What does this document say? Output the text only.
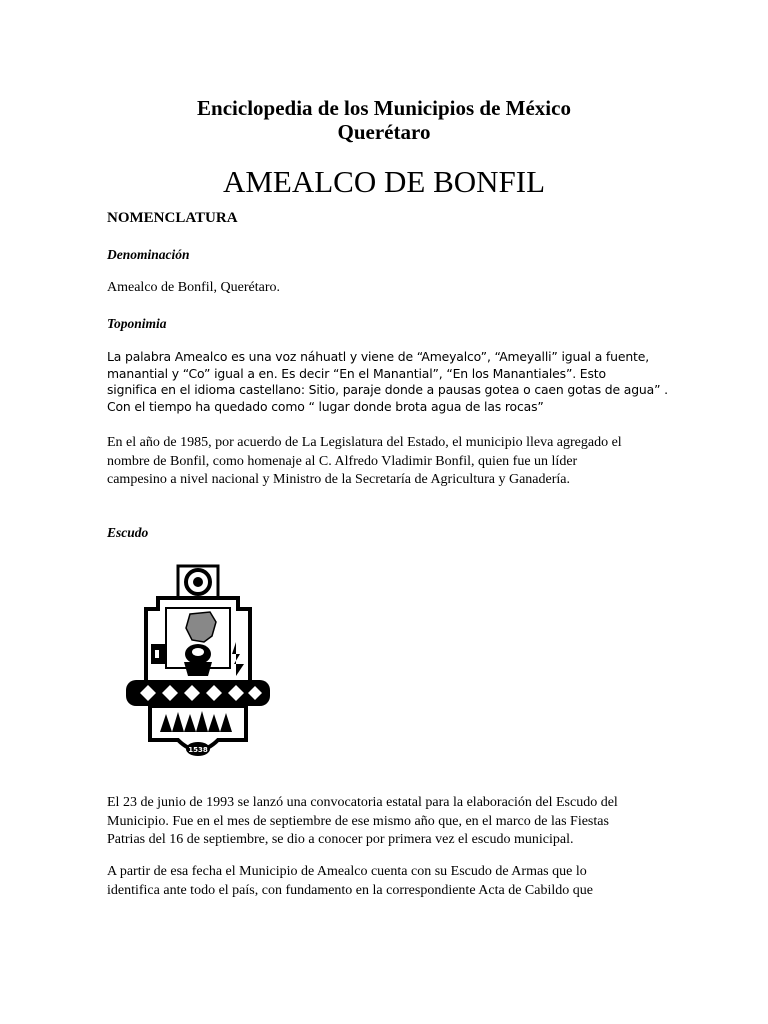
Enciclopedia de los Municipios de México
Querétaro
AMEALCO DE BONFIL
NOMENCLATURA
Denominación
Amealco de Bonfil, Querétaro.
Toponimia

La palabra Amealco es una voz náhuatl y viene de “Ameyalco”, “Ameyalli” igual a fuente,

manantial y “Co” igual a en. Es decir “En el Manantial”, “En los Manantiales”. Esto

significa en el idioma castellano: Sitio, paraje donde a pausas gotea o caen gotas de agua” .

Con el tiempo ha quedado como “ lugar donde brota agua de las rocas”

En el año de 1985, por acuerdo de La Legislatura del Estado, el municipio lleva agregado el

nombre de Bonfil, como homenaje al C. Alfredo Vladimir Bonfil, quien fue un líder

campesino a nivel nacional y Ministro de la Secretaría de Agricultura y Ganadería.

Escudo
1538

El 23 de junio de 1993 se lanzó una convocatoria estatal para la elaboración del Escudo del

Municipio. Fue en el mes de septiembre de ese mismo año que, en el marco de las Fiestas

Patrias del 16 de septiembre, se dio a conocer por primera vez el escudo municipal.

A partir de esa fecha el Municipio de Amealco cuenta con su Escudo de Armas que lo

identifica ante todo el país, con fundamento en la correspondiente Acta de Cabildo que
